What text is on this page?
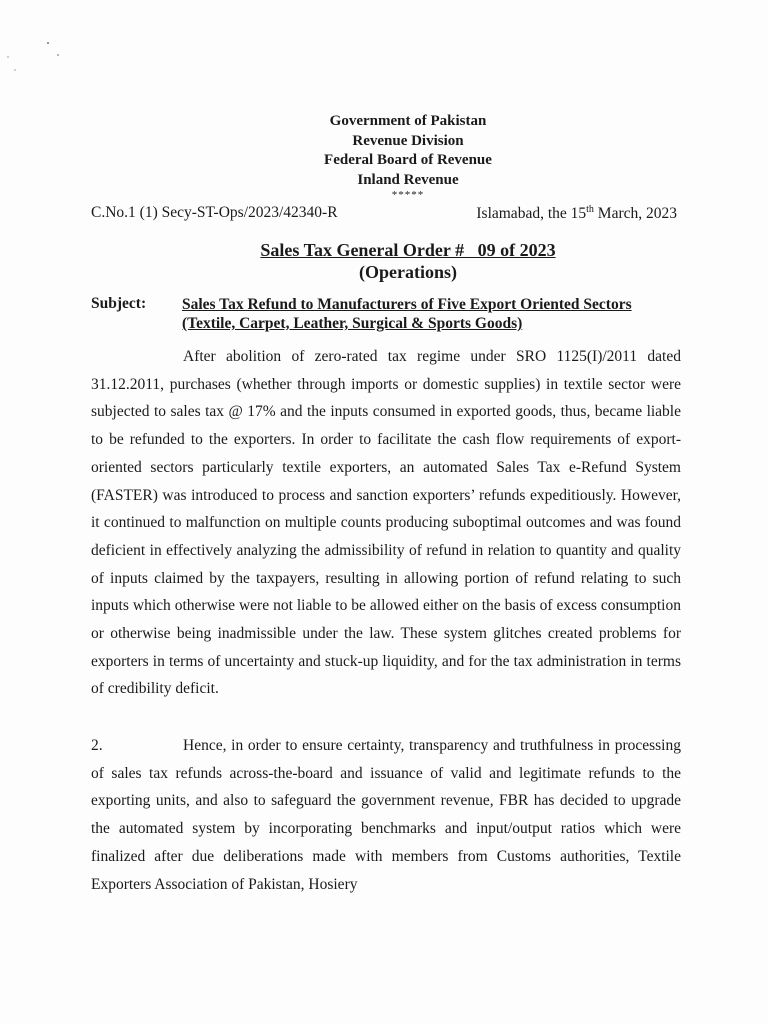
Government of Pakistan
Revenue Division
Federal Board of Revenue
Inland Revenue
*****
C.No.1 (1) Secy-ST-Ops/2023/42340-R	Islamabad, the 15th March, 2023
Sales Tax General Order #   09 of 2023
(Operations)
Subject: Sales Tax Refund to Manufacturers of Five Export Oriented Sectors (Textile, Carpet, Leather, Surgical & Sports Goods)
After abolition of zero-rated tax regime under SRO 1125(I)/2011 dated 31.12.2011, purchases (whether through imports or domestic supplies) in textile sector were subjected to sales tax @ 17% and the inputs consumed in exported goods, thus, became liable to be refunded to the exporters. In order to facilitate the cash flow requirements of export-oriented sectors particularly textile exporters, an automated Sales Tax e-Refund System (FASTER) was introduced to process and sanction exporters’ refunds expeditiously. However, it continued to malfunction on multiple counts producing suboptimal outcomes and was found deficient in effectively analyzing the admissibility of refund in relation to quantity and quality of inputs claimed by the taxpayers, resulting in allowing portion of refund relating to such inputs which otherwise were not liable to be allowed either on the basis of excess consumption or otherwise being inadmissible under the law. These system glitches created problems for exporters in terms of uncertainty and stuck-up liquidity, and for the tax administration in terms of credibility deficit.
2.	Hence, in order to ensure certainty, transparency and truthfulness in processing of sales tax refunds across-the-board and issuance of valid and legitimate refunds to the exporting units, and also to safeguard the government revenue, FBR has decided to upgrade the automated system by incorporating benchmarks and input/output ratios which were finalized after due deliberations made with members from Customs authorities, Textile Exporters Association of Pakistan, Hosiery
